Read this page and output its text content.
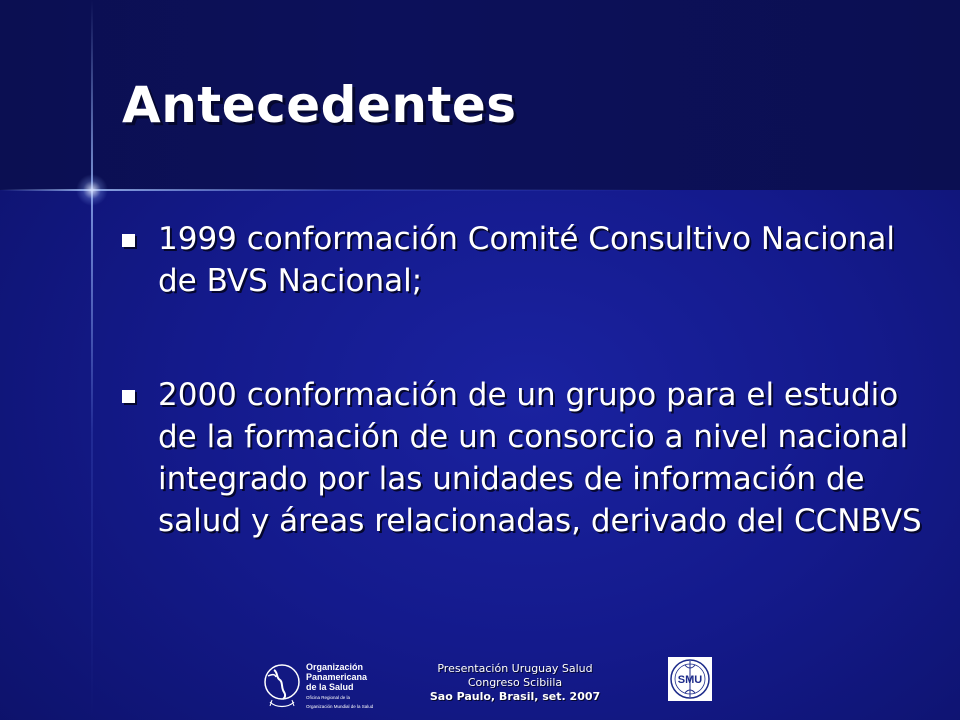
Antecedentes
1999 conformación Comité Consultivo Nacional de BVS Nacional;
2000 conformación de un grupo para el estudio de la formación de un consorcio a nivel nacional integrado por las unidades de información de salud y áreas relacionadas, derivado del CCNBVS
Organización
Panamericana
de la Salud
Oficina Regional de la
Organización Mundial de la Salud
Presentación Uruguay Salud
Congreso Scibiila
Sao Paulo, Brasil, set. 2007
SMU
